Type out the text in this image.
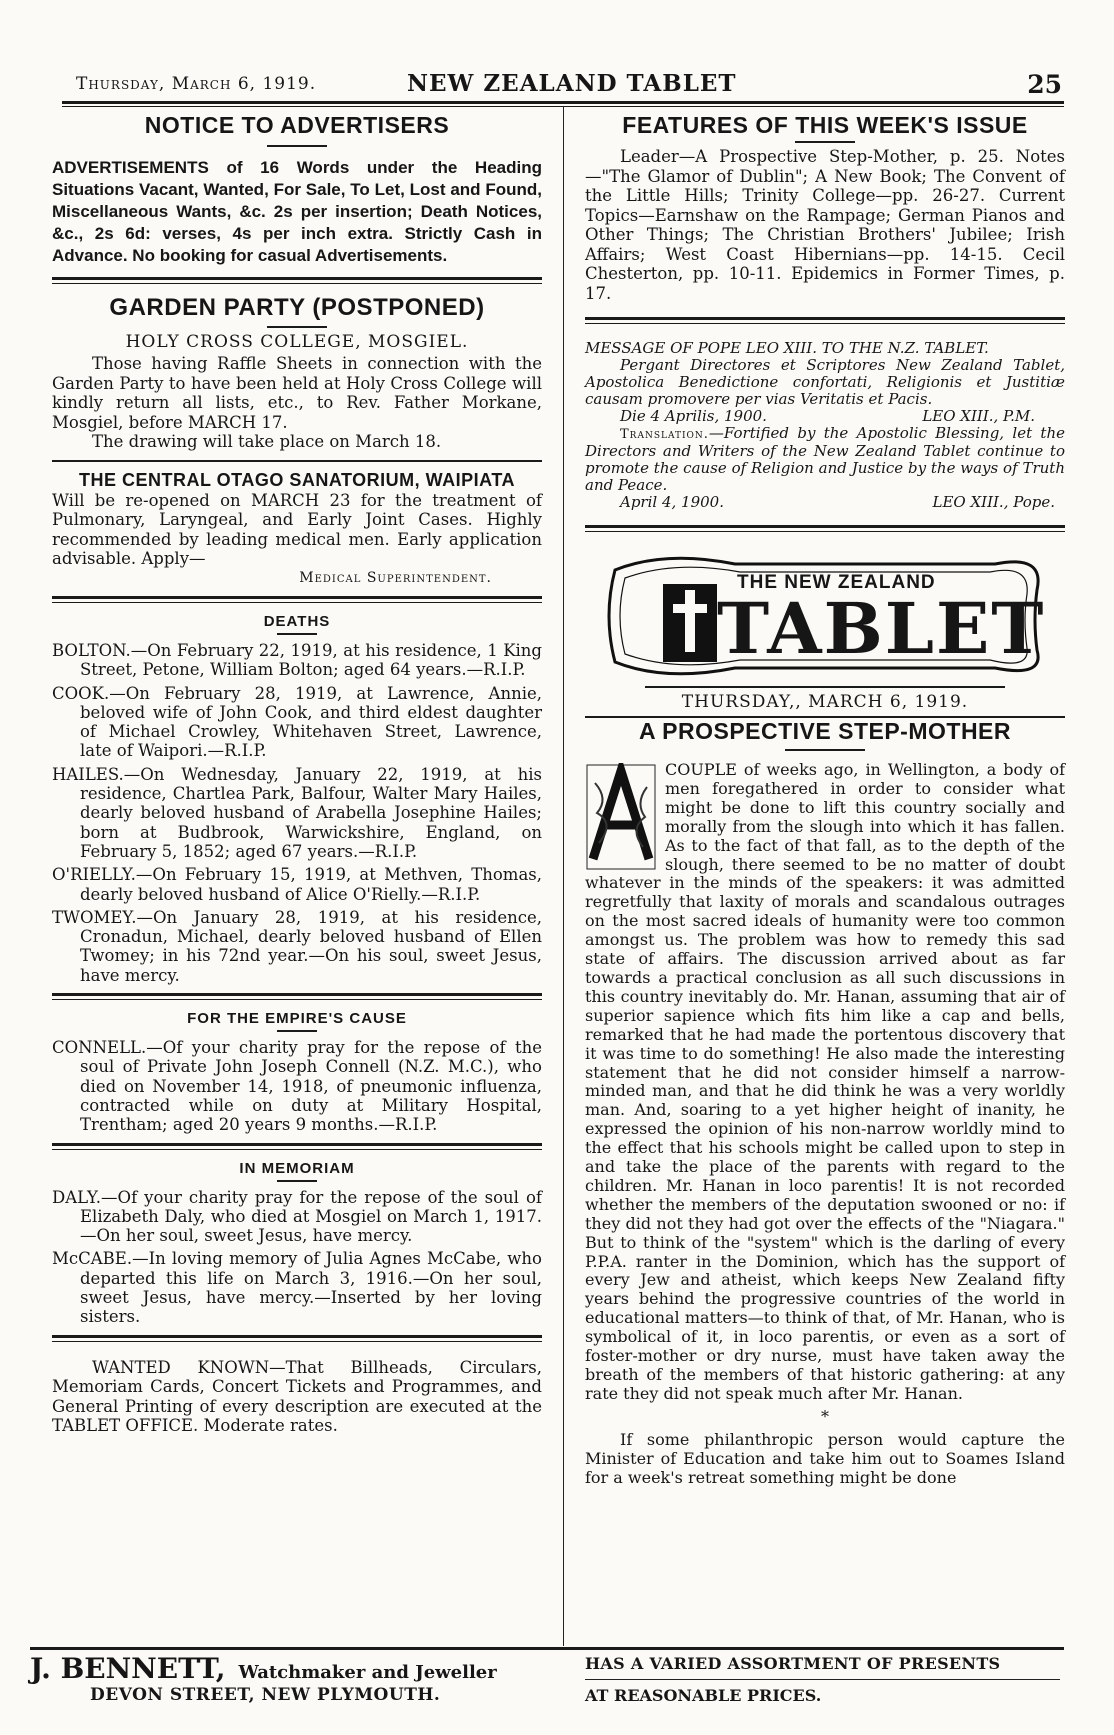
Thursday, March 6, 1919.	NEW ZEALAND TABLET	25
NOTICE TO ADVERTISERS

ADVERTISEMENTS of 16 Words under the Heading Situations Vacant, Wanted, For Sale, To Let, Lost and Found, Miscellaneous Wants, &c. 2s per insertion; Death Notices, &c., 2s 6d: verses, 4s per inch extra. Strictly Cash in Advance. No booking for casual Advertisements.

GARDEN PARTY (POSTPONED)

HOLY CROSS COLLEGE, MOSGIEL.

Those having Raffle Sheets in connection with the Garden Party to have been held at Holy Cross College will kindly return all lists, etc., to Rev. Father Morkane, Mosgiel, before MARCH 17.

The drawing will take place on March 18.

THE CENTRAL OTAGO SANATORIUM, WAIPIATA

Will be re-opened on MARCH 23 for the treatment of Pulmonary, Laryngeal, and Early Joint Cases. Highly recommended by leading medical men. Early application advisable. Apply—

Medical Superintendent.

DEATHS

BOLTON.—On February 22, 1919, at his residence, 1 King Street, Petone, William Bolton; aged 64 years.—R.I.P.

COOK.—On February 28, 1919, at Lawrence, Annie, beloved wife of John Cook, and third eldest daughter of Michael Crowley, Whitehaven Street, Lawrence, late of Waipori.—R.I.P.

HAILES.—On Wednesday, January 22, 1919, at his residence, Chartlea Park, Balfour, Walter Mary Hailes, dearly beloved husband of Arabella Josephine Hailes; born at Budbrook, Warwickshire, England, on February 5, 1852; aged 67 years.—R.I.P.

O'RIELLY.—On February 15, 1919, at Methven, Thomas, dearly beloved husband of Alice O'Rielly.—R.I.P.

TWOMEY.—On January 28, 1919, at his residence, Cronadun, Michael, dearly beloved husband of Ellen Twomey; in his 72nd year.—On his soul, sweet Jesus, have mercy.

FOR THE EMPIRE'S CAUSE

CONNELL.—Of your charity pray for the repose of the soul of Private John Joseph Connell (N.Z. M.C.), who died on November 14, 1918, of pneumonic influenza, contracted while on duty at Military Hospital, Trentham; aged 20 years 9 months.—R.I.P.

IN MEMORIAM

DALY.—Of your charity pray for the repose of the soul of Elizabeth Daly, who died at Mosgiel on March 1, 1917.—On her soul, sweet Jesus, have mercy.

McCABE.—In loving memory of Julia Agnes McCabe, who departed this life on March 3, 1916.—On her soul, sweet Jesus, have mercy.—Inserted by her loving sisters.

WANTED KNOWN—That Billheads, Circulars, Memoriam Cards, Concert Tickets and Programmes, and General Printing of every description are executed at the TABLET OFFICE. Moderate rates.

FEATURES OF THIS WEEK'S ISSUE

Leader—A Prospective Step-Mother, p. 25. Notes—"The Glamor of Dublin"; A New Book; The Convent of the Little Hills; Trinity College—pp. 26-27. Current Topics—Earnshaw on the Rampage; German Pianos and Other Things; The Christian Brothers' Jubilee; Irish Affairs; West Coast Hibernians—pp. 14-15. Cecil Chesterton, pp. 10-11. Epidemics in Former Times, p. 17.

MESSAGE OF POPE LEO XIII. TO THE N.Z. TABLET.

Pergant Directores et Scriptores New Zealand Tablet, Apostolica Benedictione confortati, Religionis et Justitiæ causam promovere per vias Veritatis et Pacis.

Die 4 Aprilis, 1900.	LEO XIII., P.M.

Translation.—Fortified by the Apostolic Blessing, let the Directors and Writers of the New Zealand Tablet continue to promote the cause of Religion and Justice by the ways of Truth and Peace.

April 4, 1900.	LEO XIII., Pope.

THE NEW ZEALAND
TABLET

THURSDAY,, MARCH 6, 1919.

A PROSPECTIVE STEP-MOTHER

COUPLE of weeks ago, in Wellington, a body of men foregathered in order to consider what might be done to lift this country socially and morally from the slough into which it has fallen. As to the fact of that fall, as to the depth of the slough, there seemed to be no matter of doubt whatever in the minds of the speakers: it was admitted regretfully that laxity of morals and scandalous outrages on the most sacred ideals of humanity were too common amongst us. The problem was how to remedy this sad state of affairs. The discussion arrived about as far towards a practical conclusion as all such discussions in this country inevitably do. Mr. Hanan, assuming that air of superior sapience which fits him like a cap and bells, remarked that he had made the portentous discovery that it was time to do something! He also made the interesting statement that he did not consider himself a narrow-minded man, and that he did think he was a very worldly man. And, soaring to a yet higher height of inanity, he expressed the opinion of his non-narrow worldly mind to the effect that his schools might be called upon to step in and take the place of the parents with regard to the children. Mr. Hanan in loco parentis! It is not recorded whether the members of the deputation swooned or no: if they did not they had got over the effects of the "Niagara." But to think of the "system" which is the darling of every P.P.A. ranter in the Dominion, which has the support of every Jew and atheist, which keeps New Zealand fifty years behind the progressive countries of the world in educational matters—to think of that, of Mr. Hanan, who is symbolical of it, in loco parentis, or even as a sort of foster-mother or dry nurse, must have taken away the breath of the members of that historic gathering: at any rate they did not speak much after Mr. Hanan.

*

If some philanthropic person would capture the Minister of Education and take him out to Soames Island for a week's retreat something might be done

J. BENNETT, Watchmaker and Jeweller
DEVON STREET, NEW PLYMOUTH.
HAS A VARIED ASSORTMENT OF PRESENTS
AT REASONABLE PRICES.
